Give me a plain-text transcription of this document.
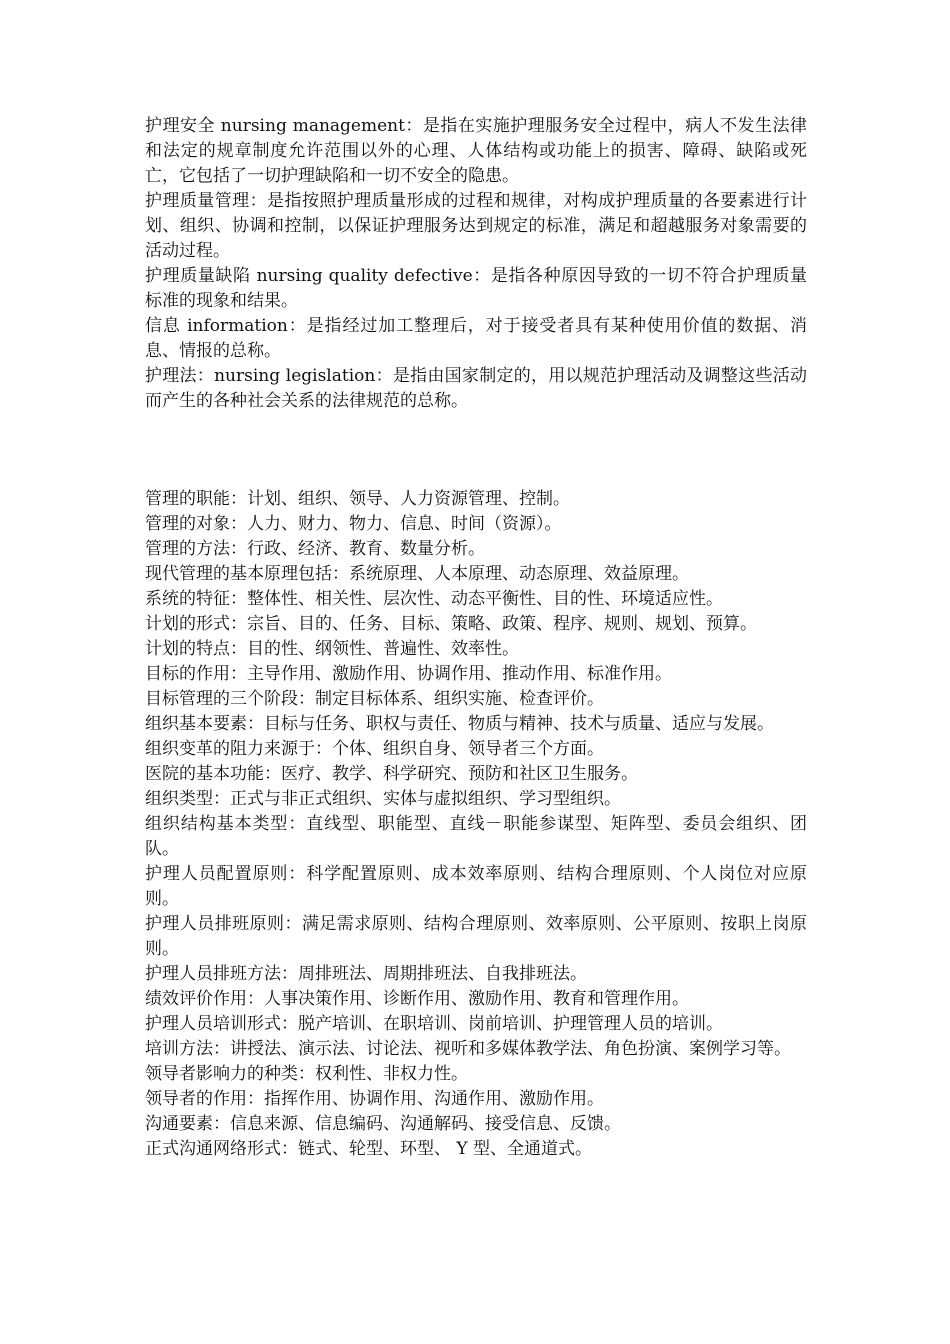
护理安全 nursing management：是指在实施护理服务安全过程中，病人不发生法律和法定的规章制度允许范围以外的心理、人体结构或功能上的损害、障碍、缺陷或死亡，它包括了一切护理缺陷和一切不安全的隐患。

护理质量管理：是指按照护理质量形成的过程和规律，对构成护理质量的各要素进行计划、组织、协调和控制，以保证护理服务达到规定的标准，满足和超越服务对象需要的活动过程。

护理质量缺陷 nursing quality defective：是指各种原因导致的一切不符合护理质量标准的现象和结果。

信息 information：是指经过加工整理后，对于接受者具有某种使用价值的数据、消息、情报的总称。

护理法：nursing legislation：是指由国家制定的，用以规范护理活动及调整这些活动而产生的各种社会关系的法律规范的总称。

管理的职能：计划、组织、领导、人力资源管理、控制。

管理的对象：人力、财力、物力、信息、时间（资源）。

管理的方法：行政、经济、教育、数量分析。

现代管理的基本原理包括：系统原理、人本原理、动态原理、效益原理。

系统的特征：整体性、相关性、层次性、动态平衡性、目的性、环境适应性。

计划的形式：宗旨、目的、任务、目标、策略、政策、程序、规则、规划、预算。

计划的特点：目的性、纲领性、普遍性、效率性。

目标的作用：主导作用、激励作用、协调作用、推动作用、标准作用。

目标管理的三个阶段：制定目标体系、组织实施、检查评价。

组织基本要素：目标与任务、职权与责任、物质与精神、技术与质量、适应与发展。

组织变革的阻力来源于：个体、组织自身、领导者三个方面。

医院的基本功能：医疗、教学、科学研究、预防和社区卫生服务。

组织类型：正式与非正式组织、实体与虚拟组织、学习型组织。

组织结构基本类型：直线型、职能型、直线－职能参谋型、矩阵型、委员会组织、团队。

护理人员配置原则：科学配置原则、成本效率原则、结构合理原则、个人岗位对应原则。

护理人员排班原则：满足需求原则、结构合理原则、效率原则、公平原则、按职上岗原则。

护理人员排班方法：周排班法、周期排班法、自我排班法。

绩效评价作用：人事决策作用、诊断作用、激励作用、教育和管理作用。

护理人员培训形式：脱产培训、在职培训、岗前培训、护理管理人员的培训。

培训方法：讲授法、演示法、讨论法、视听和多媒体教学法、角色扮演、案例学习等。

领导者影响力的种类：权利性、非权力性。

领导者的作用：指挥作用、协调作用、沟通作用、激励作用。

沟通要素：信息来源、信息编码、沟通解码、接受信息、反馈。

正式沟通网络形式：链式、轮型、环型、 Y 型、全通道式。
